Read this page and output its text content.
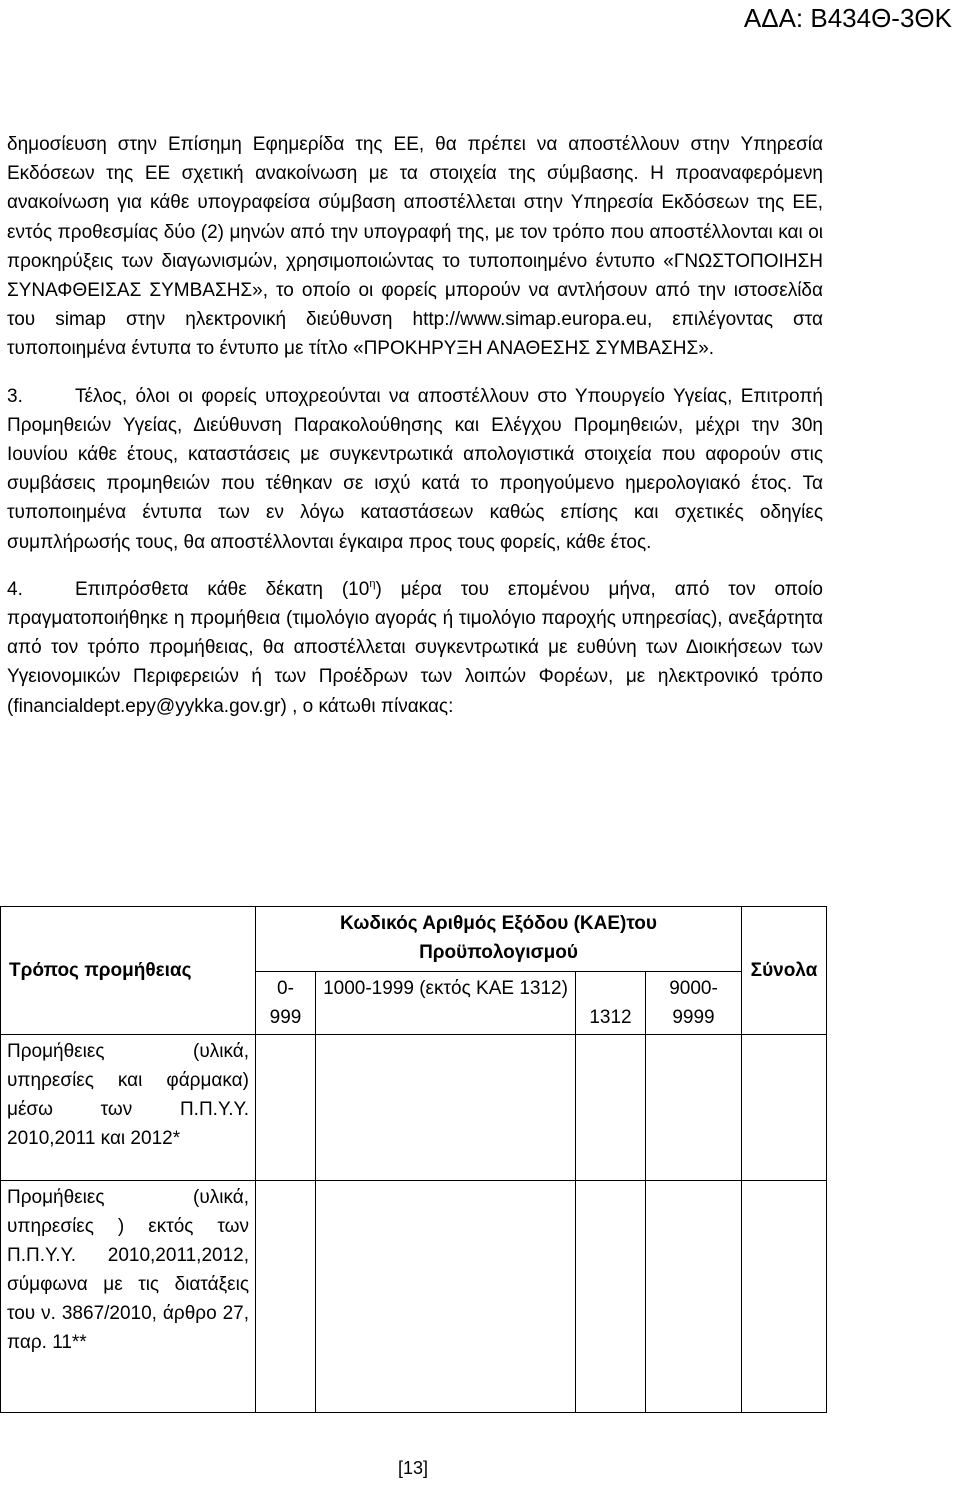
ΑΔΑ: Β434Θ-3ΘΚ

δημοσίευση στην Επίσημη Εφημερίδα της ΕΕ, θα πρέπει να αποστέλλουν στην Υπηρεσία Εκδόσεων της ΕΕ σχετική ανακοίνωση με τα στοιχεία της σύμβασης. Η προαναφερόμενη ανακοίνωση για κάθε υπογραφείσα σύμβαση αποστέλλεται στην Υπηρεσία Εκδόσεων της ΕΕ, εντός προθεσμίας δύο (2) μηνών από την υπογραφή της, με τον τρόπο που αποστέλλονται και οι προκηρύξεις των διαγωνισμών, χρησιμοποιώντας το τυποποιημένο έντυπο «ΓΝΩΣΤΟΠΟΙΗΣΗ ΣΥΝΑΦΘΕΙΣΑΣ ΣΥΜΒΑΣΗΣ», το οποίο οι φορείς μπορούν να αντλήσουν από την ιστοσελίδα του simap στην ηλεκτρονική διεύθυνση http://www.simap.europa.eu, επιλέγοντας στα τυποποιημένα έντυπα το έντυπο με τίτλο «ΠΡΟΚΗΡΥΞΗ ΑΝΑΘΕΣΗΣ ΣΥΜΒΑΣΗΣ».

3.	Τέλος, όλοι οι φορείς υποχρεούνται να αποστέλλουν στο Υπουργείο Υγείας, Επιτροπή Προμηθειών Υγείας, Διεύθυνση Παρακολούθησης και Ελέγχου Προμηθειών, μέχρι την 30η Ιουνίου κάθε έτους, καταστάσεις με συγκεντρωτικά απολογιστικά στοιχεία που αφορούν στις συμβάσεις προμηθειών που τέθηκαν σε ισχύ κατά το προηγούμενο ημερολογιακό έτος. Τα τυποποιημένα έντυπα των εν λόγω καταστάσεων καθώς επίσης και σχετικές οδηγίες συμπλήρωσής τους, θα αποστέλλονται έγκαιρα προς τους φορείς, κάθε έτος.

4.	Επιπρόσθετα κάθε δέκατη $(10^\eta)$ μέρα του επομένου μήνα, από τον οποίο πραγματοποιήθηκε η προμήθεια (τιμολόγιο αγοράς ή τιμολόγιο παροχής υπηρεσίας), ανεξάρτητα από τον τρόπο προμήθειας, θα αποστέλλεται συγκεντρωτικά με ευθύνη των Διοικήσεων των Υγειονομικών Περιφερειών ή των Προέδρων των λοιπών Φορέων, με ηλεκτρονικό τρόπο (financialdept.epy@yykka.gov.gr) , ο κάτωθι πίνακας:

Τρόπος προμήθειας	Κωδικός Αριθμός Εξόδου (ΚΑΕ)του Προϋπολογισμού				Σύνολα
	0-999	1000-1999 (εκτός ΚΑΕ 1312)	1312	9000-9999	
Προμήθειες (υλικά, υπηρεσίες και φάρμακα) μέσω των Π.Π.Υ.Υ. 2010,2011 και 2012*					
Προμήθειες (υλικά, υπηρεσίες ) εκτός των Π.Π.Υ.Υ. 2010,2011,2012, σύμφωνα με τις διατάξεις του ν. 3867/2010, άρθρο 27, παρ. 11**					
[13]
